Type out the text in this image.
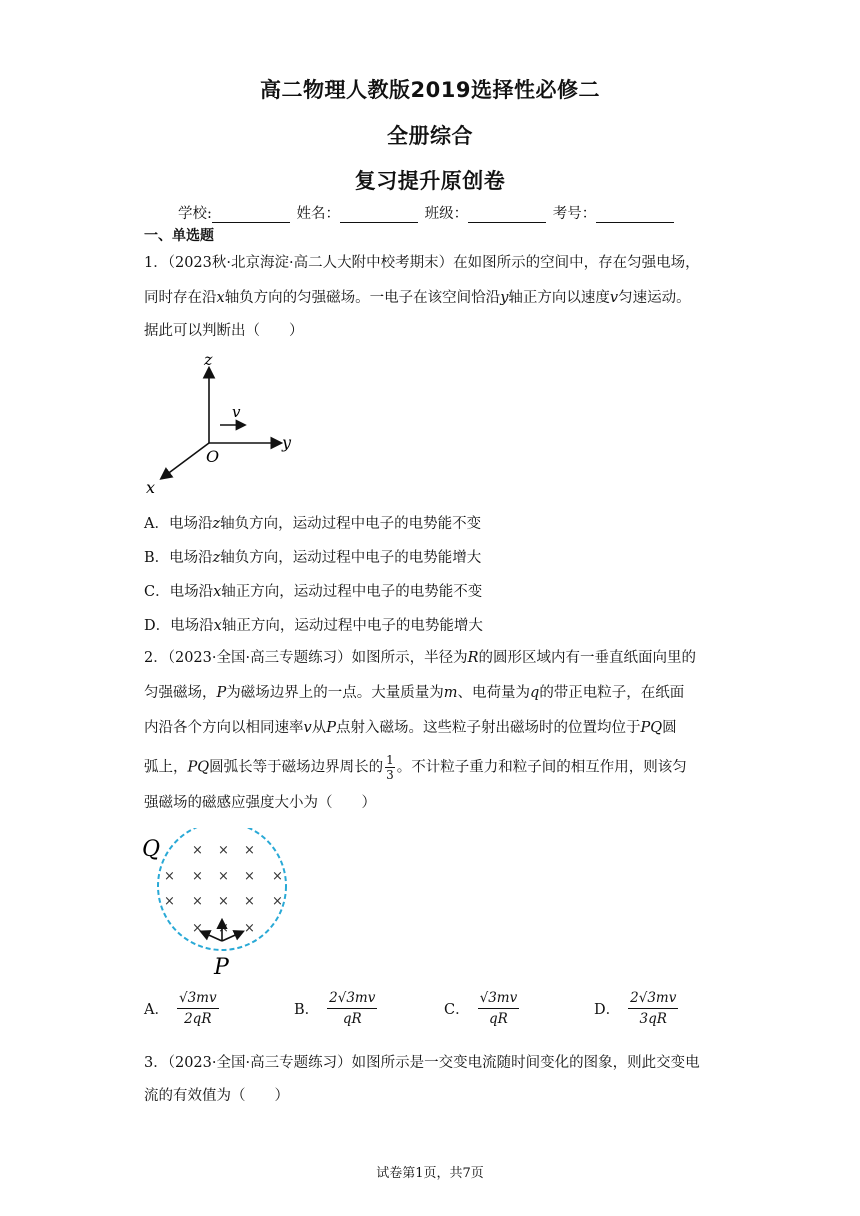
高二物理人教版2019选择性必修二
全册综合
复习提升原创卷
学校:	姓名：	班级：	考号：
一、单选题
1．（2023秋·北京海淀·高二人大附中校考期末）在如图所示的空间中，存在匀强电场，
同时存在沿x轴负方向的匀强磁场。一电子在该空间恰沿y轴正方向以速度v匀速运动。
据此可以判断出（　　）
z
y
x
O
v
A．电场沿z轴负方向，运动过程中电子的电势能不变
B．电场沿z轴负方向，运动过程中电子的电势能增大
C．电场沿x轴正方向，运动过程中电子的电势能不变
D．电场沿x轴正方向，运动过程中电子的电势能增大
2．（2023·全国·高三专题练习）如图所示，半径为R的圆形区域内有一垂直纸面向里的
匀强磁场，P为磁场边界上的一点。大量质量为m、电荷量为q的带正电粒子，在纸面
内沿各个方向以相同速率v从P点射入磁场。这些粒子射出磁场时的位置均位于PQ圆
弧上，PQ圆弧长等于磁场边界周长的 $\frac{1}{3}$ 。不计粒子重力和粒子间的相互作用，则该匀
强磁场的磁感应强度大小为（　　）
× × ×
× × × × ×
× × × × ×
× × ×
Q
P
A． $\frac{√3mv}{2qR}$	B． $\frac{2√3mv}{qR}$	C． $\frac{√3mv}{qR}$	D． $\frac{2√3mv}{3qR}$
3．（2023·全国·高三专题练习）如图所示是一交变电流随时间变化的图象，则此交变电
流的有效值为（　　）
试卷第1页，共7页
